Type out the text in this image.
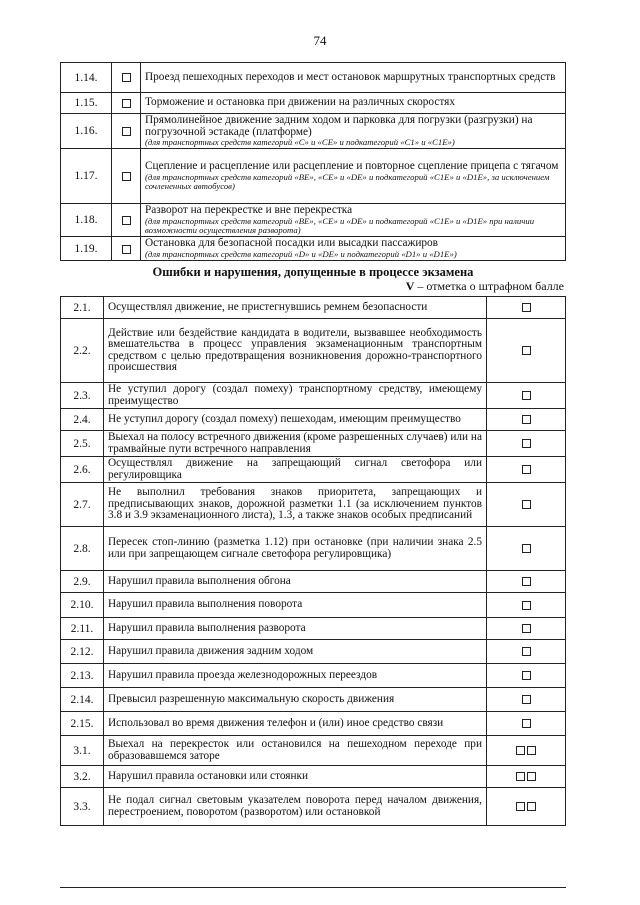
74
1.14.		Проезд пешеходных переходов и мест остановок маршрутных транспортных средств

1.15.		Торможение и остановка при движении на различных скоростях

1.16.		Прямолинейное движение задним ходом и парковка для погрузки (разгрузки) на погрузочной эстакаде (платформе)
(для транспортных средств категорий «C» и «CE» и подкатегорий «C1» и «C1E»)

1.17.		Сцепление и расцепление или расцепление и повторное сцепление прицепа с тягачом
(для транспортных средств категорий «BE», «CE» и «DE» и подкатегорий «C1E» и «D1E», за исключением сочлененных автобусов)

1.18.		Разворот на перекрестке и вне перекрестка
(для транспортных средств категорий «BE», «CE» и «DE» и подкатегорий «C1E» и «D1E» при наличии возможности осуществления разворота)

1.19.		Остановка для безопасной посадки или высадки пассажиров
(для транспортных средств категорий «D» и «DE» и подкатегорий «D1» и «D1E»)
Ошибки и нарушения, допущенные в процессе экзамена
V – отметка о штрафном балле
2.1.	Осуществлял движение, не пристегнувшись ремнем безопасности	
2.2.	Действие или бездействие кандидата в водители, вызвавшее необходимость вмешательства в процесс управления экзаменационным транспортным средством с целью предотвращения возникновения дорожно-транспортного происшествия	
2.3.	Не уступил дорогу (создал помеху) транспортному средству, имеющему преимущество	
2.4.	Не уступил дорогу (создал помеху) пешеходам, имеющим преимущество	
2.5.	Выехал на полосу встречного движения (кроме разрешенных случаев) или на трамвайные пути встречного направления	
2.6.	Осуществлял движение на запрещающий сигнал светофора или регулировщика	
2.7.	Не выполнил требования знаков приоритета, запрещающих и предписывающих знаков, дорожной разметки 1.1 (за исключением пунктов 3.8 и 3.9 экзаменационного листа), 1.3, а также знаков особых предписаний	
2.8.	Пересек стоп-линию (разметка 1.12) при остановке (при наличии знака 2.5 или при запрещающем сигнале светофора регулировщика)	
2.9.	Нарушил правила выполнения обгона	
2.10.	Нарушил правила выполнения поворота	
2.11.	Нарушил правила выполнения разворота	
2.12.	Нарушил правила движения задним ходом	
2.13.	Нарушил правила проезда железнодорожных переездов	
2.14.	Превысил разрешенную максимальную скорость движения	
2.15.	Использовал во время движения телефон и (или) иное средство связи	
3.1.	Выехал на перекресток или остановился на пешеходном переходе при образовавшемся заторе	
3.2.	Нарушил правила остановки или стоянки	
3.3.	Не подал сигнал световым указателем поворота перед началом движения, перестроением, поворотом (разворотом) или остановкой	
